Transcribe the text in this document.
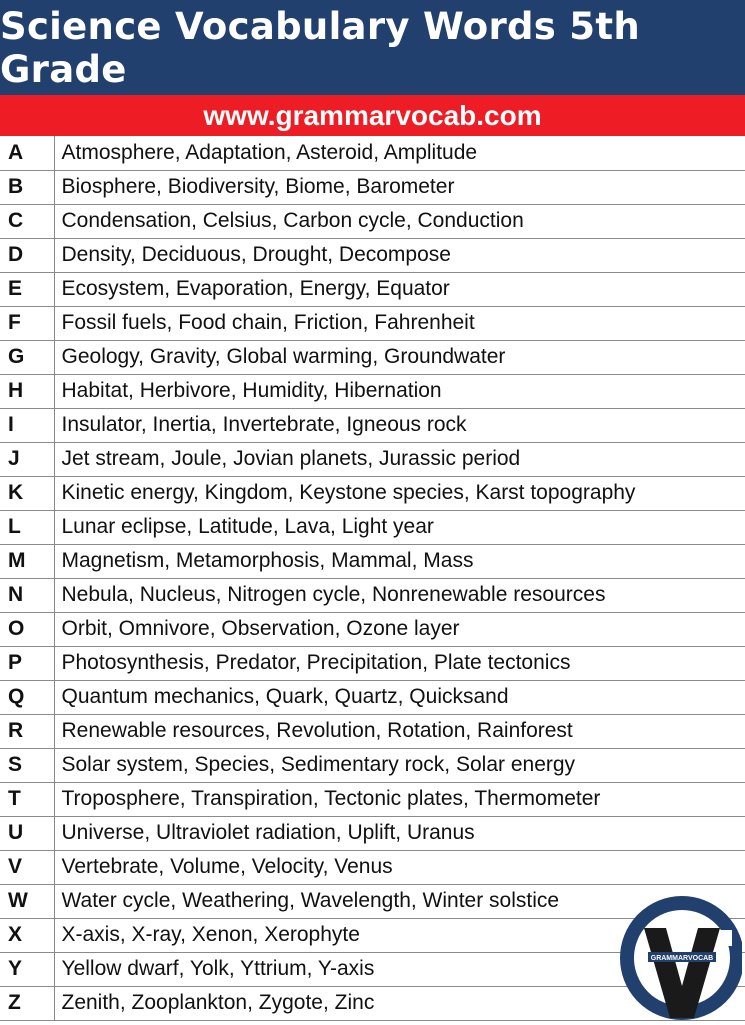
Science Vocabulary Words 5th Grade
www.grammarvocab.com
A	Atmosphere, Adaptation, Asteroid, Amplitude
B	Biosphere, Biodiversity, Biome, Barometer
C	Condensation, Celsius, Carbon cycle, Conduction
D	Density, Deciduous, Drought, Decompose
E	Ecosystem, Evaporation, Energy, Equator
F	Fossil fuels, Food chain, Friction, Fahrenheit
G	Geology, Gravity, Global warming, Groundwater
H	Habitat, Herbivore, Humidity, Hibernation
I	Insulator, Inertia, Invertebrate, Igneous rock
J	Jet stream, Joule, Jovian planets, Jurassic period
K	Kinetic energy, Kingdom, Keystone species, Karst topography
L	Lunar eclipse, Latitude, Lava, Light year
M	Magnetism, Metamorphosis, Mammal, Mass
N	Nebula, Nucleus, Nitrogen cycle, Nonrenewable resources
O	Orbit, Omnivore, Observation, Ozone layer
P	Photosynthesis, Predator, Precipitation, Plate tectonics
Q	Quantum mechanics, Quark, Quartz, Quicksand
R	Renewable resources, Revolution, Rotation, Rainforest
S	Solar system, Species, Sedimentary rock, Solar energy
T	Troposphere, Transpiration, Tectonic plates, Thermometer
U	Universe, Ultraviolet radiation, Uplift, Uranus
V	Vertebrate, Volume, Velocity, Venus
W	Water cycle, Weathering, Wavelength, Winter solstice
X	X-axis, X-ray, Xenon, Xerophyte
Y	Yellow dwarf, Yolk, Yttrium, Y-axis
Z	Zenith, Zooplankton, Zygote, Zinc
GRAMMARVOCAB
